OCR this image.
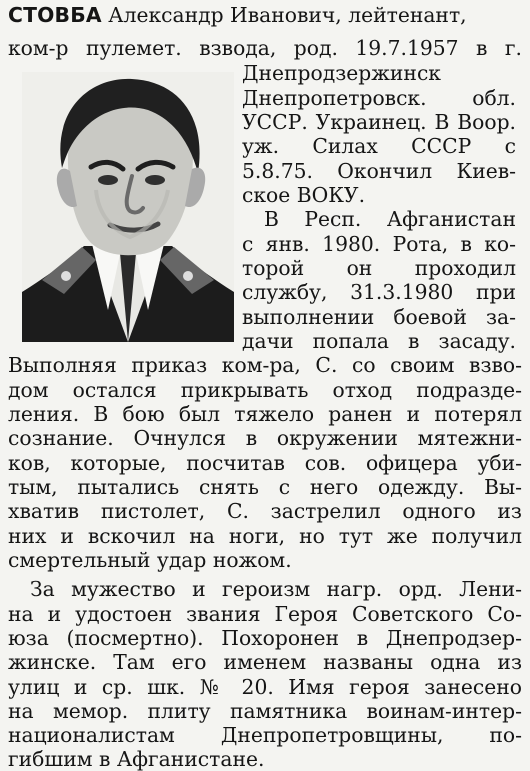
СТОВБА Александр Иванович, лейтенант,
ком-р пулемет. взвода, род. 19.7.1957 в г.
Днепродзержинск
Днепропетровск. обл.
УССР. Украинец. В Воор.
уж. Силах СССР с
5.8.75. Окончил Киев-
ское ВОКУ.
В Респ. Афганистан
с янв. 1980. Рота, в ко-
торой он проходил
службу, 31.3.1980 при
выполнении боевой за-
дачи попала в засаду.
Выполняя приказ ком-ра, С. со своим взво-
дом остался прикрывать отход подразде-
ления. В бою был тяжело ранен и потерял
сознание. Очнулся в окружении мятежни-
ков, которые, посчитав сов. офицера уби-
тым, пытались снять с него одежду. Вы-
хватив пистолет, С. застрелил одного из
них и вскочил на ноги, но тут же получил
смертельный удар ножом.
За мужество и героизм нагр. орд. Лени-
на и удостоен звания Героя Советского Со-
юза (посмертно). Похоронен в Днепродзер-
жинске. Там его именем названы одна из
улиц и ср. шк. № 20. Имя героя занесено
на мемор. плиту памятника воинам-интер-
националистам Днепропетровщины, по-
гибшим в Афганистане.
